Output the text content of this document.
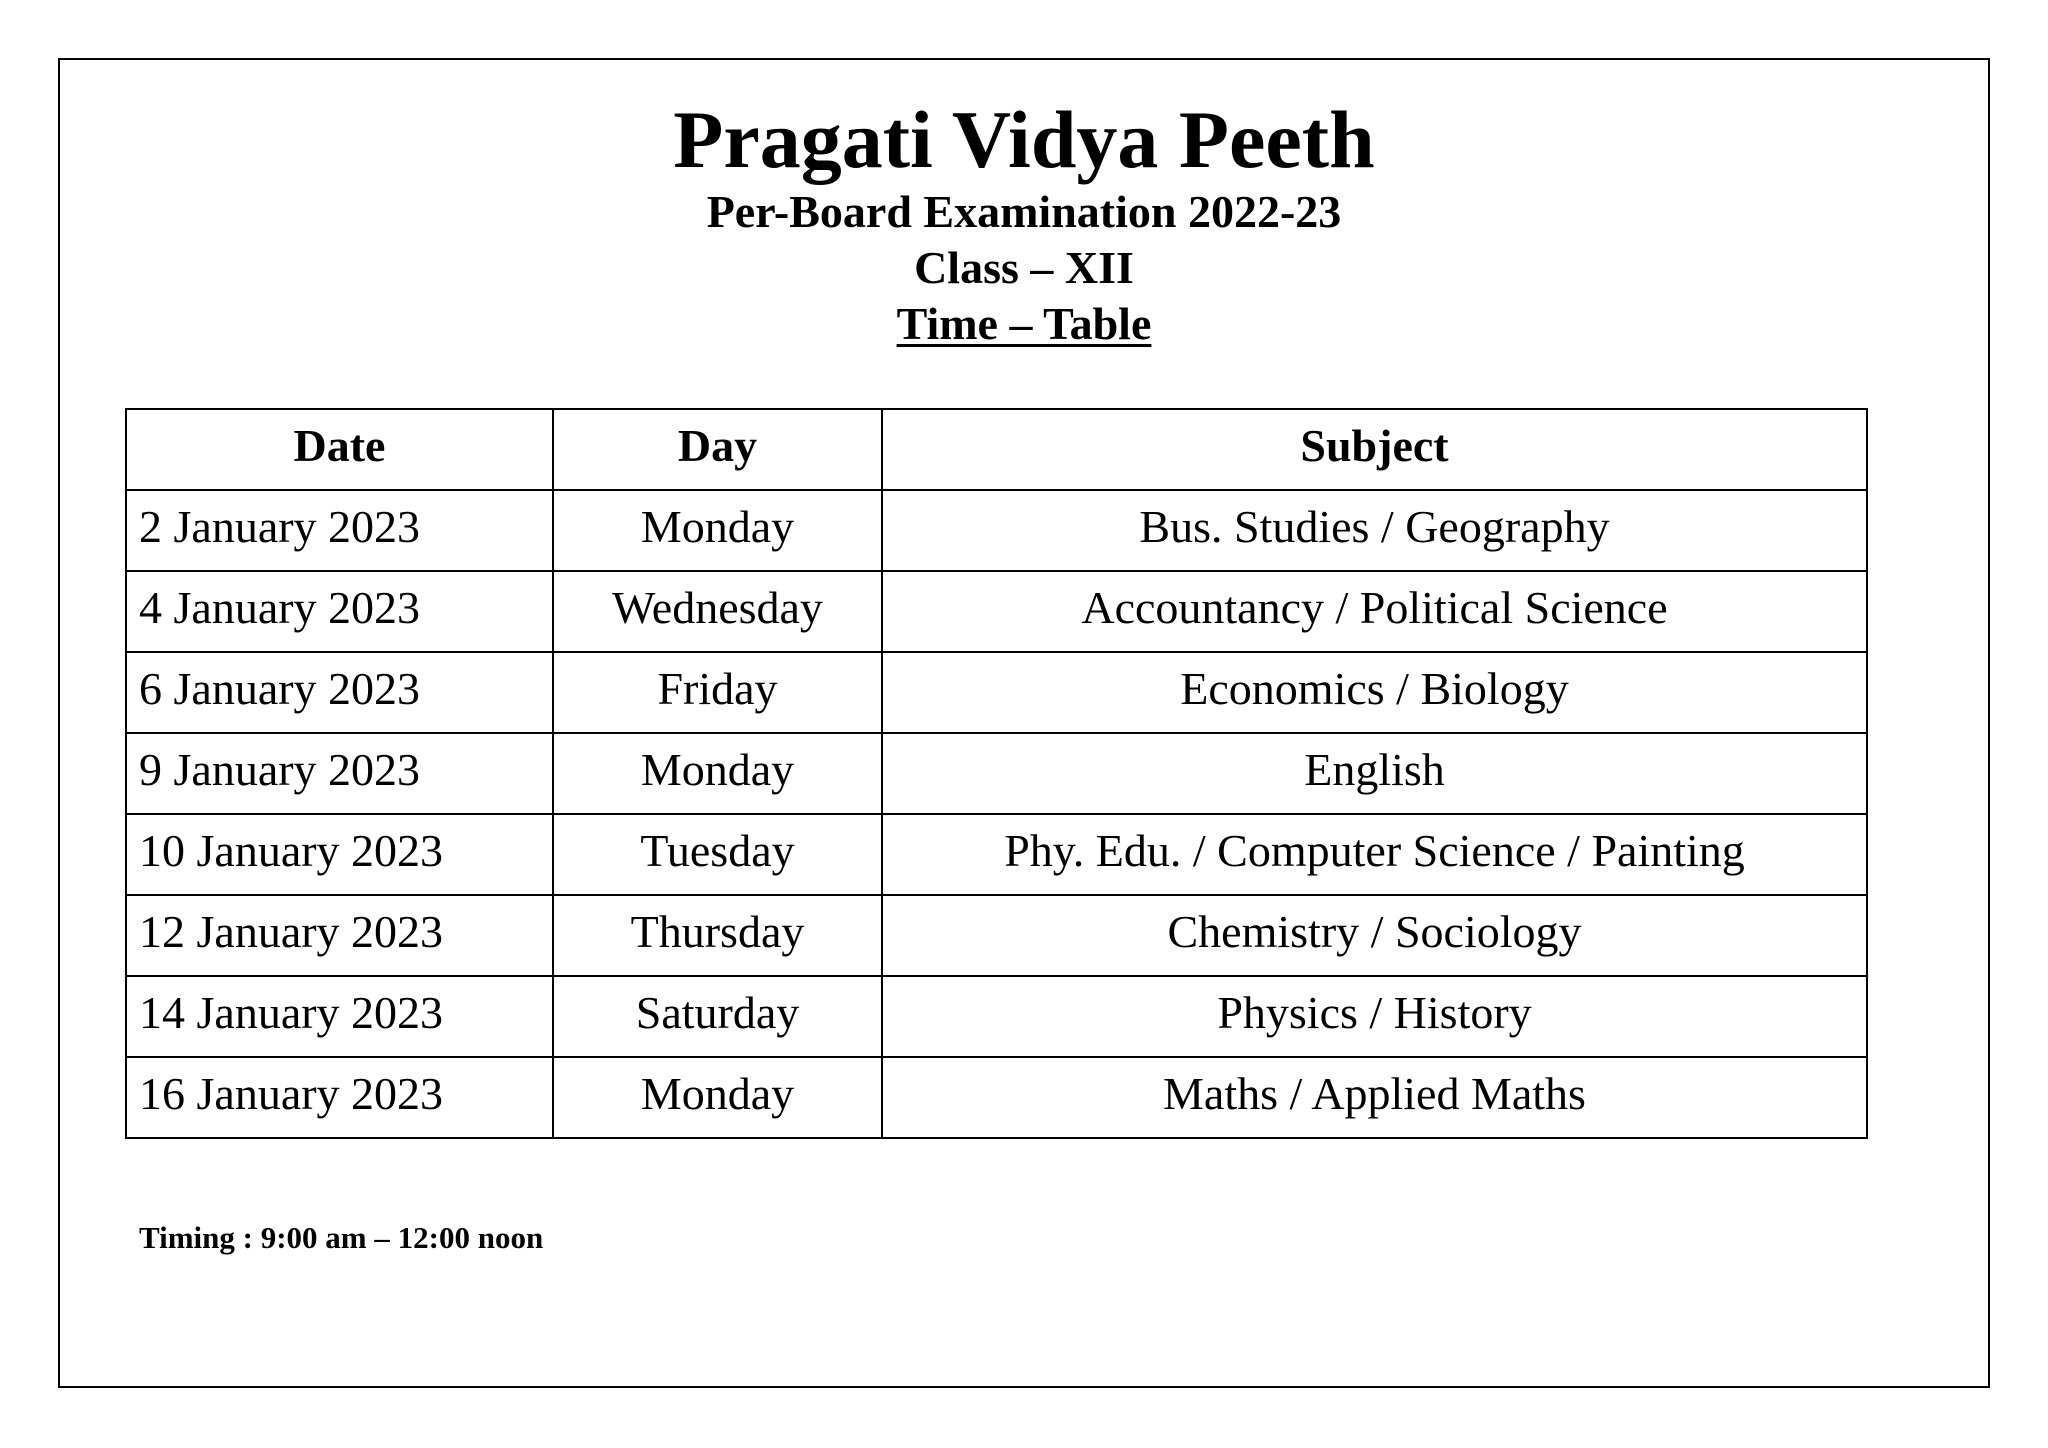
Pragati Vidya Peeth
Per-Board Examination 2022-23
Class – XII
Time – Table
Date	Day	Subject
2 January 2023	Monday	Bus. Studies / Geography
4 January 2023	Wednesday	Accountancy / Political Science
6 January 2023	Friday	Economics / Biology
9 January 2023	Monday	English
10 January 2023	Tuesday	Phy. Edu. / Computer Science / Painting
12 January 2023	Thursday	Chemistry / Sociology
14 January 2023	Saturday	Physics / History
16 January 2023	Monday	Maths / Applied Maths
Timing : 9:00 am – 12:00 noon
